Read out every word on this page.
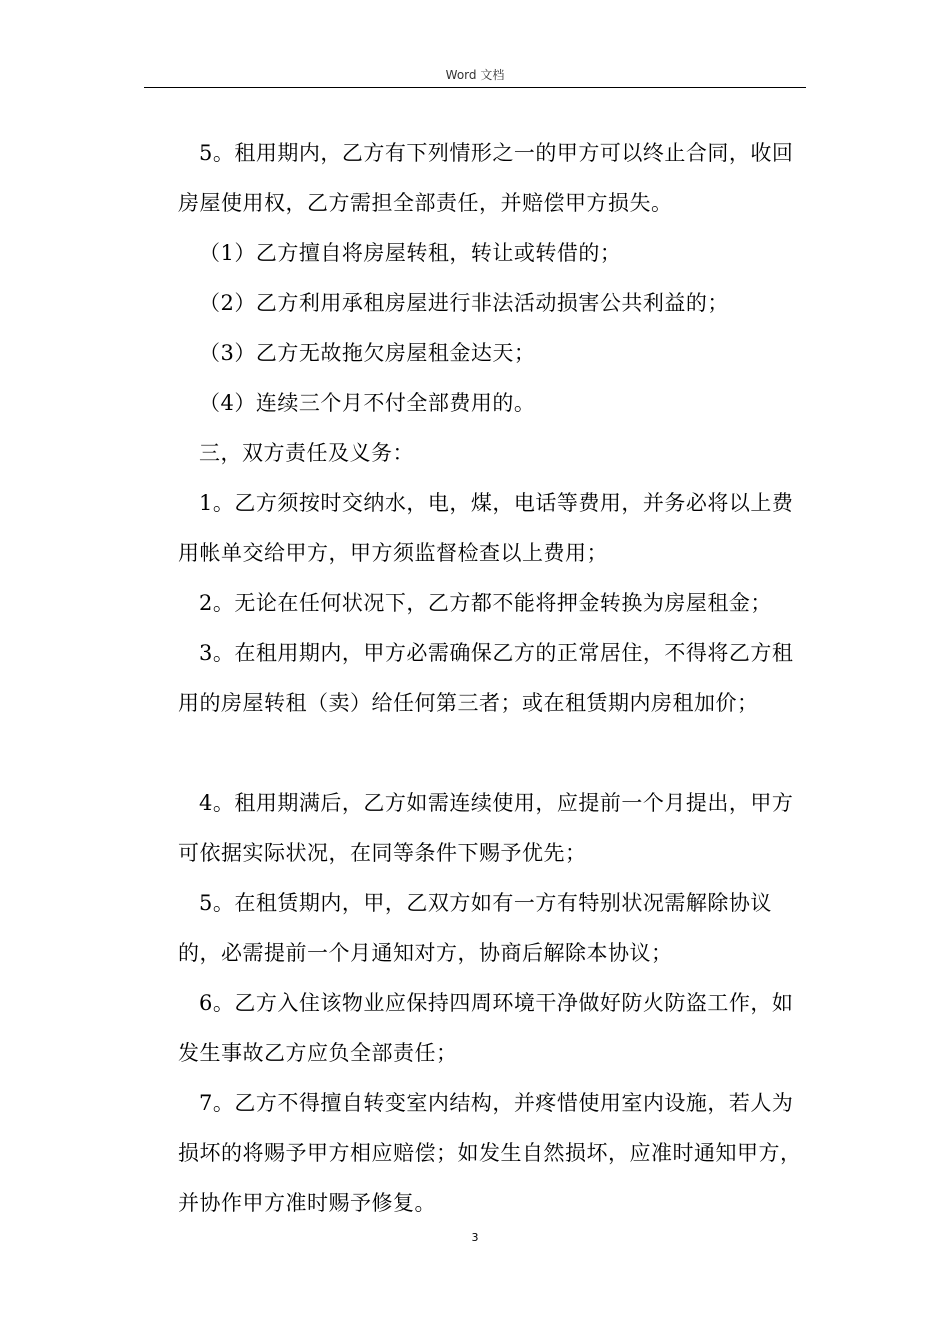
Word 文档

5。租用期内，乙方有下列情形之一的甲方可以终止合同，收回房屋使用权，乙方需担全部责任，并赔偿甲方损失。

（1）乙方擅自将房屋转租，转让或转借的；

（2）乙方利用承租房屋进行非法活动损害公共利益的；

（3）乙方无故拖欠房屋租金达天；

（4）连续三个月不付全部费用的。

三，双方责任及义务：

1。乙方须按时交纳水，电，煤，电话等费用，并务必将以上费用帐单交给甲方，甲方须监督检查以上费用；

2。无论在任何状况下，乙方都不能将押金转换为房屋租金；

3。在租用期内，甲方必需确保乙方的正常居住，不得将乙方租用的房屋转租（卖）给任何第三者；或在租赁期内房租加价；

4。租用期满后，乙方如需连续使用，应提前一个月提出，甲方可依据实际状况，在同等条件下赐予优先；

5。在租赁期内，甲，乙双方如有一方有特别状况需解除协议的，必需提前一个月通知对方，协商后解除本协议；

6。乙方入住该物业应保持四周环境干净做好防火防盗工作，如发生事故乙方应负全部责任；

7。乙方不得擅自转变室内结构，并疼惜使用室内设施，若人为损坏的将赐予甲方相应赔偿；如发生自然损坏，应准时通知甲方，并协作甲方准时赐予修复。

3
